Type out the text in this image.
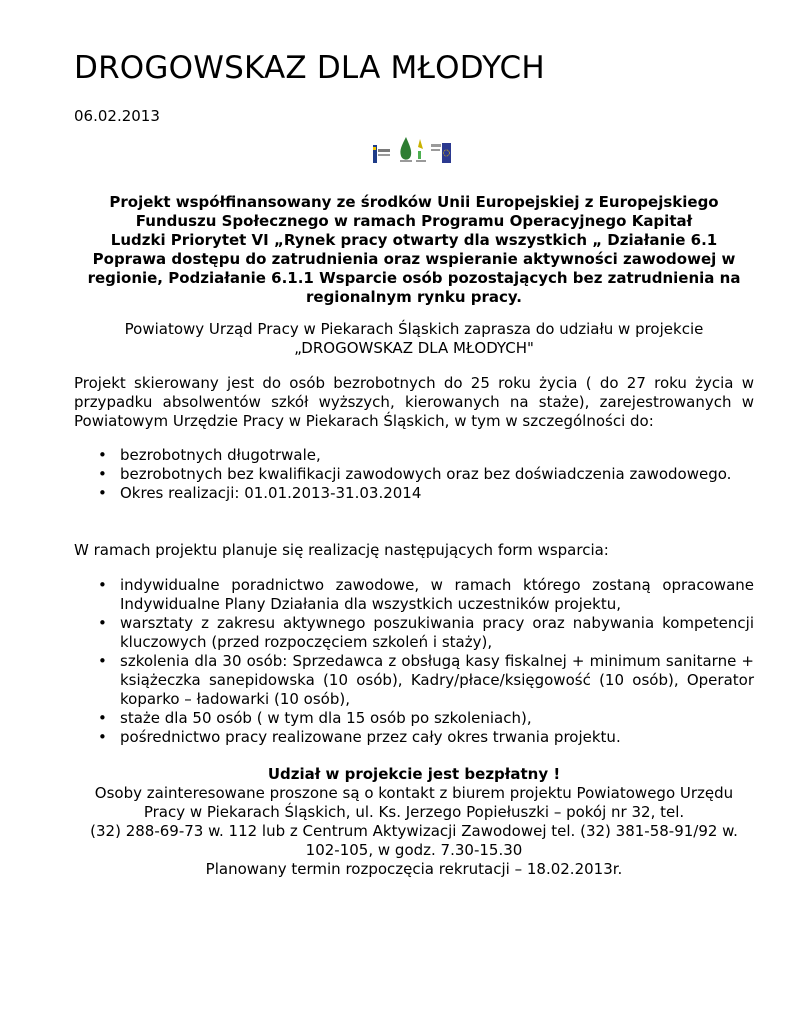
DROGOWSKAZ DLA MŁODYCH
06.02.2013
Projekt współfinansowany ze środków Unii Europejskiej z Europejskiego
Funduszu Społecznego w ramach Programu Operacyjnego Kapitał
Ludzki Priorytet VI „Rynek pracy otwarty dla wszystkich „ Działanie 6.1
Poprawa dostępu do zatrudnienia oraz wspieranie aktywności zawodowej w
regionie, Podziałanie 6.1.1 Wsparcie osób pozostających bez zatrudnienia na
regionalnym rynku pracy.
Powiatowy Urząd Pracy w Piekarach Śląskich zaprasza do udziału w projekcie
„DROGOWSKAZ DLA MŁODYCH"
Projekt skierowany jest do osób bezrobotnych do 25 roku życia ( do 27 roku życia w przypadku absolwentów szkół wyższych, kierowanych na staże), zarejestrowanych w Powiatowym Urzędzie Pracy w Piekarach Śląskich, w tym w szczególności do:
• bezrobotnych długotrwale,
• bezrobotnych bez kwalifikacji zawodowych oraz bez doświadczenia zawodowego.
• Okres realizacji: 01.01.2013-31.03.2014
W ramach projektu planuje się realizację następujących form wsparcia:
• indywidualne poradnictwo zawodowe, w ramach którego zostaną opracowane Indywidualne Plany Działania dla wszystkich uczestników projektu,
• warsztaty z zakresu aktywnego poszukiwania pracy oraz nabywania kompetencji kluczowych (przed rozpoczęciem szkoleń i staży),
• szkolenia dla 30 osób: Sprzedawca z obsługą kasy fiskalnej + minimum sanitarne + książeczka sanepidowska (10 osób), Kadry/płace/księgowość (10 osób), Operator koparko – ładowarki (10 osób),
• staże dla 50 osób ( w tym dla 15 osób po szkoleniach),
• pośrednictwo pracy realizowane przez cały okres trwania projektu.
Udział w projekcie jest bezpłatny !
Osoby zainteresowane proszone są o kontakt z biurem projektu Powiatowego Urzędu
Pracy w Piekarach Śląskich, ul. Ks. Jerzego Popiełuszki – pokój nr 32, tel.
(32) 288-69-73 w. 112 lub z Centrum Aktywizacji Zawodowej tel. (32) 381-58-91/92 w.
102-105, w godz. 7.30-15.30
Planowany termin rozpoczęcia rekrutacji – 18.02.2013r.
